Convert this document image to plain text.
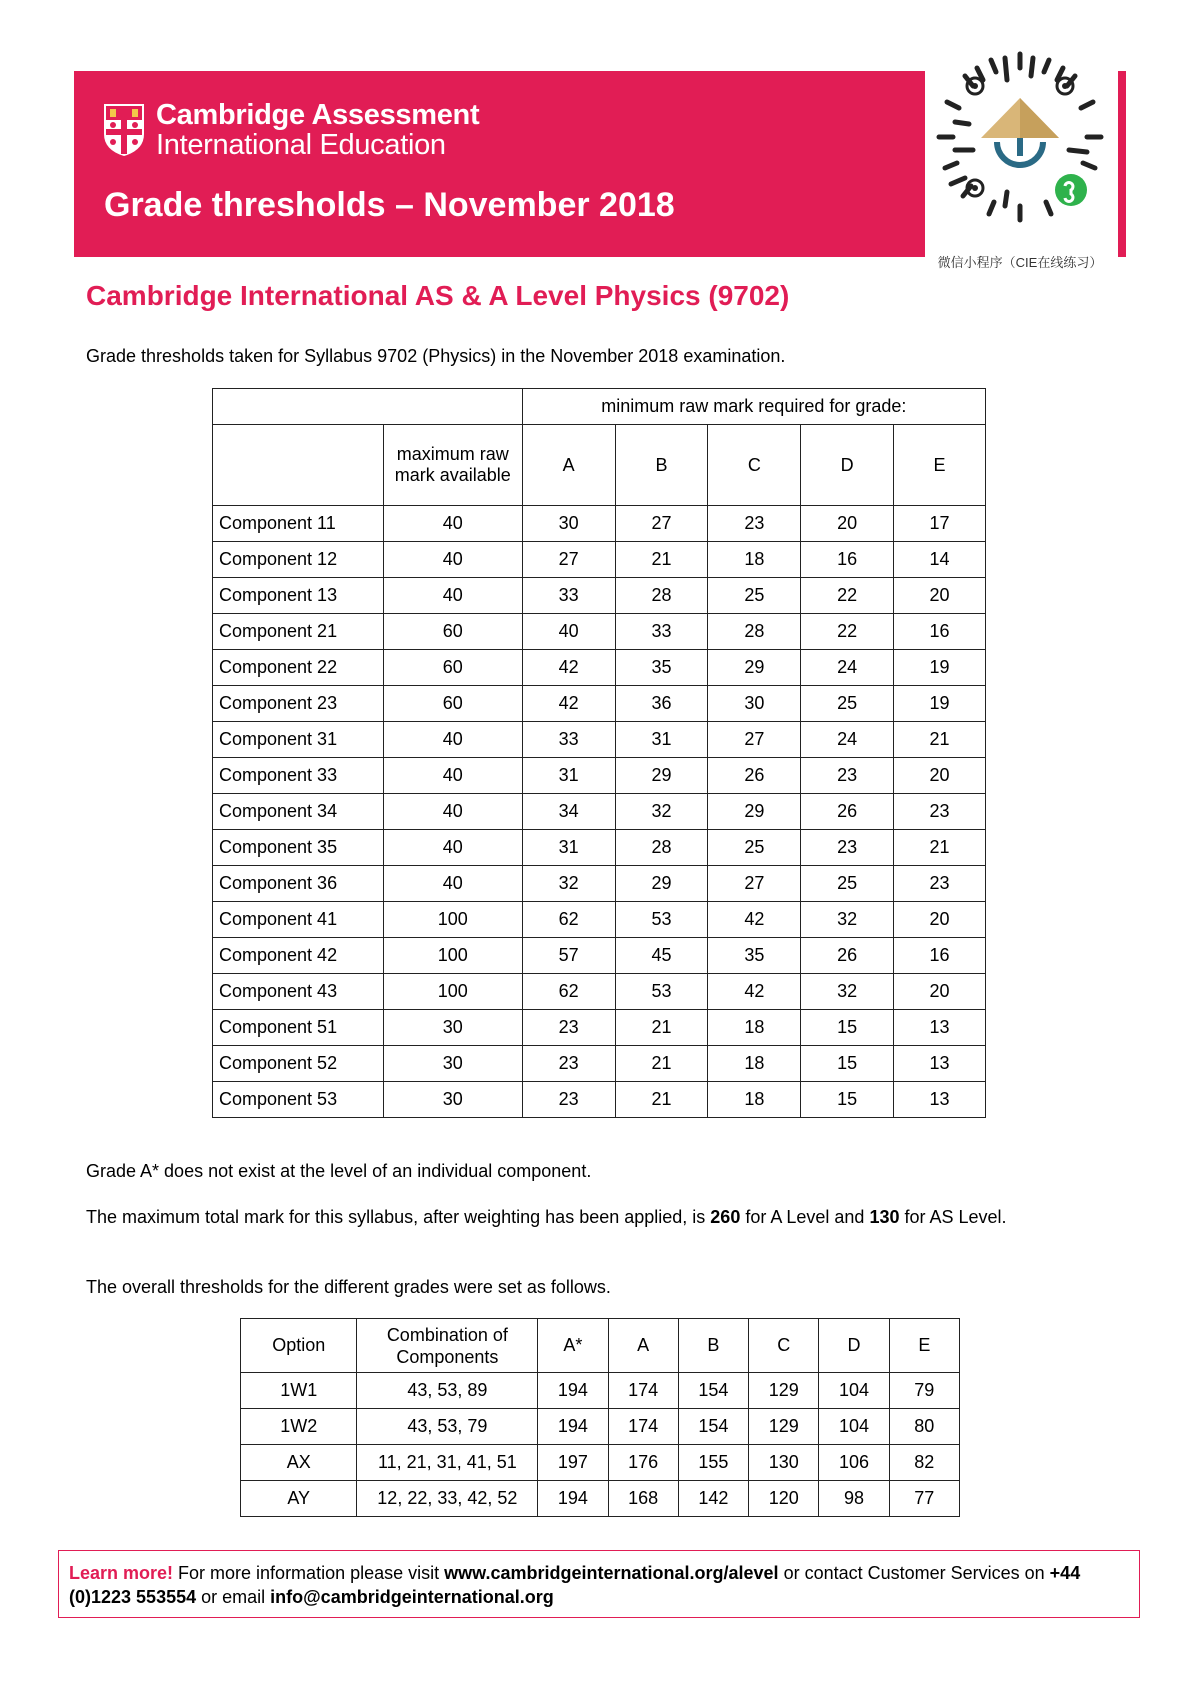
Cambridge Assessment
International Education
Grade thresholds – November 2018
微信小程序（CIE在线练习）
Cambridge International AS & A Level Physics (9702)

Grade thresholds taken for Syllabus 9702 (Physics) in the November 2018 examination.

		minimum raw mark required for grade:				
	maximum raw mark available	A	B	C	D	E
Component 11	40	30	27	23	20	17
Component 12	40	27	21	18	16	14
Component 13	40	33	28	25	22	20
Component 21	60	40	33	28	22	16
Component 22	60	42	35	29	24	19
Component 23	60	42	36	30	25	19
Component 31	40	33	31	27	24	21
Component 33	40	31	29	26	23	20
Component 34	40	34	32	29	26	23
Component 35	40	31	28	25	23	21
Component 36	40	32	29	27	25	23
Component 41	100	62	53	42	32	20
Component 42	100	57	45	35	26	16
Component 43	100	62	53	42	32	20
Component 51	30	23	21	18	15	13
Component 52	30	23	21	18	15	13
Component 53	30	23	21	18	15	13

Grade A* does not exist at the level of an individual component.

The maximum total mark for this syllabus, after weighting has been applied, is 260 for A Level and 130 for AS Level.

The overall thresholds for the different grades were set as follows.

Option	Combination of Components	A*	A	B	C	D	E
1W1	43, 53, 89	194	174	154	129	104	79
1W2	43, 53, 79	194	174	154	129	104	80
AX	11, 21, 31, 41, 51	197	176	155	130	106	82
AY	12, 22, 33, 42, 52	194	168	142	120	98	77

Learn more! For more information please visit www.cambridgeinternational.org/alevel or contact Customer Services on +44 (0)1223 553554 or email info@cambridgeinternational.org
